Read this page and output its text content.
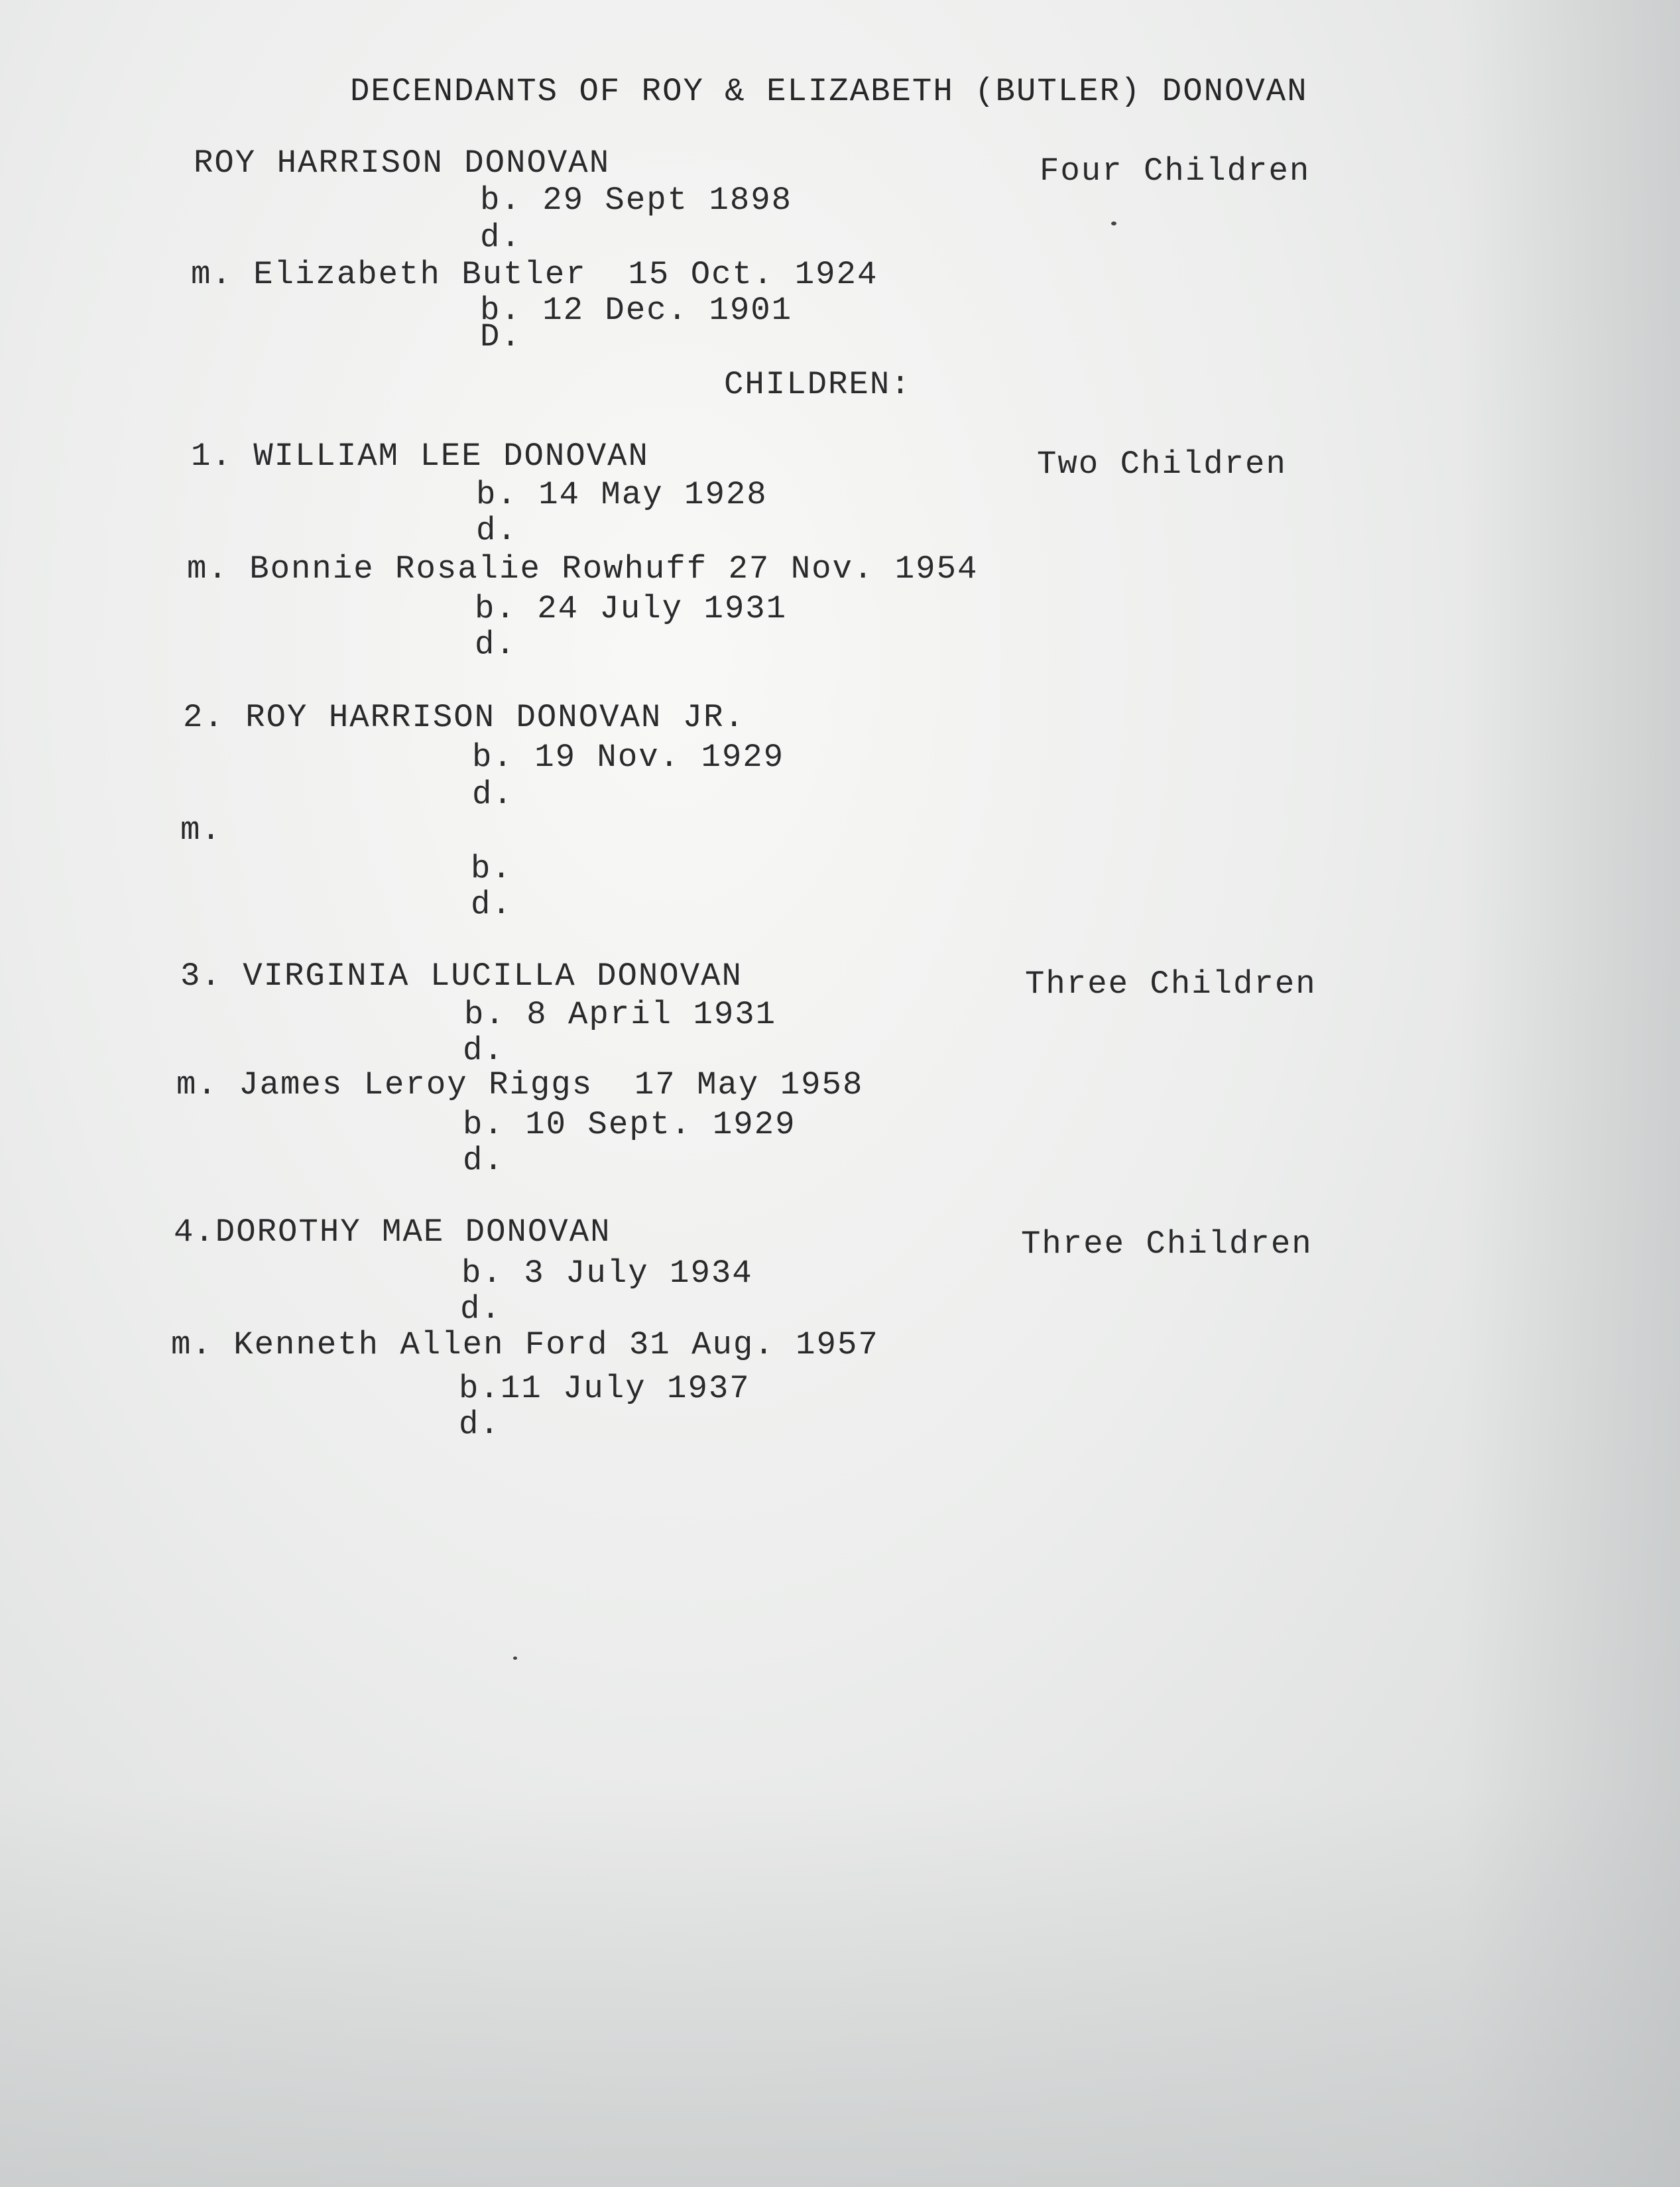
DECENDANTS OF ROY & ELIZABETH (BUTLER) DONOVAN
ROY HARRISON DONOVAN	Four Children
b. 29 Sept 1898
d.
m. Elizabeth Butler  15 Oct. 1924
b. 12 Dec. 1901
D.
CHILDREN:
1. WILLIAM LEE DONOVAN	Two Children
b. 14 May 1928
d.
m. Bonnie Rosalie Rowhuff 27 Nov. 1954
b. 24 July 1931
d.
2. ROY HARRISON DONOVAN JR.
b. 19 Nov. 1929
d.
m.
b.
d.
3. VIRGINIA LUCILLA DONOVAN	Three Children
b. 8 April 1931
d.
m. James Leroy Riggs  17 May 1958
b. 10 Sept. 1929
d.
4.DOROTHY MAE DONOVAN	Three Children
b. 3 July 1934
d.
m. Kenneth Allen Ford 31 Aug. 1957
b.11 July 1937
d.
